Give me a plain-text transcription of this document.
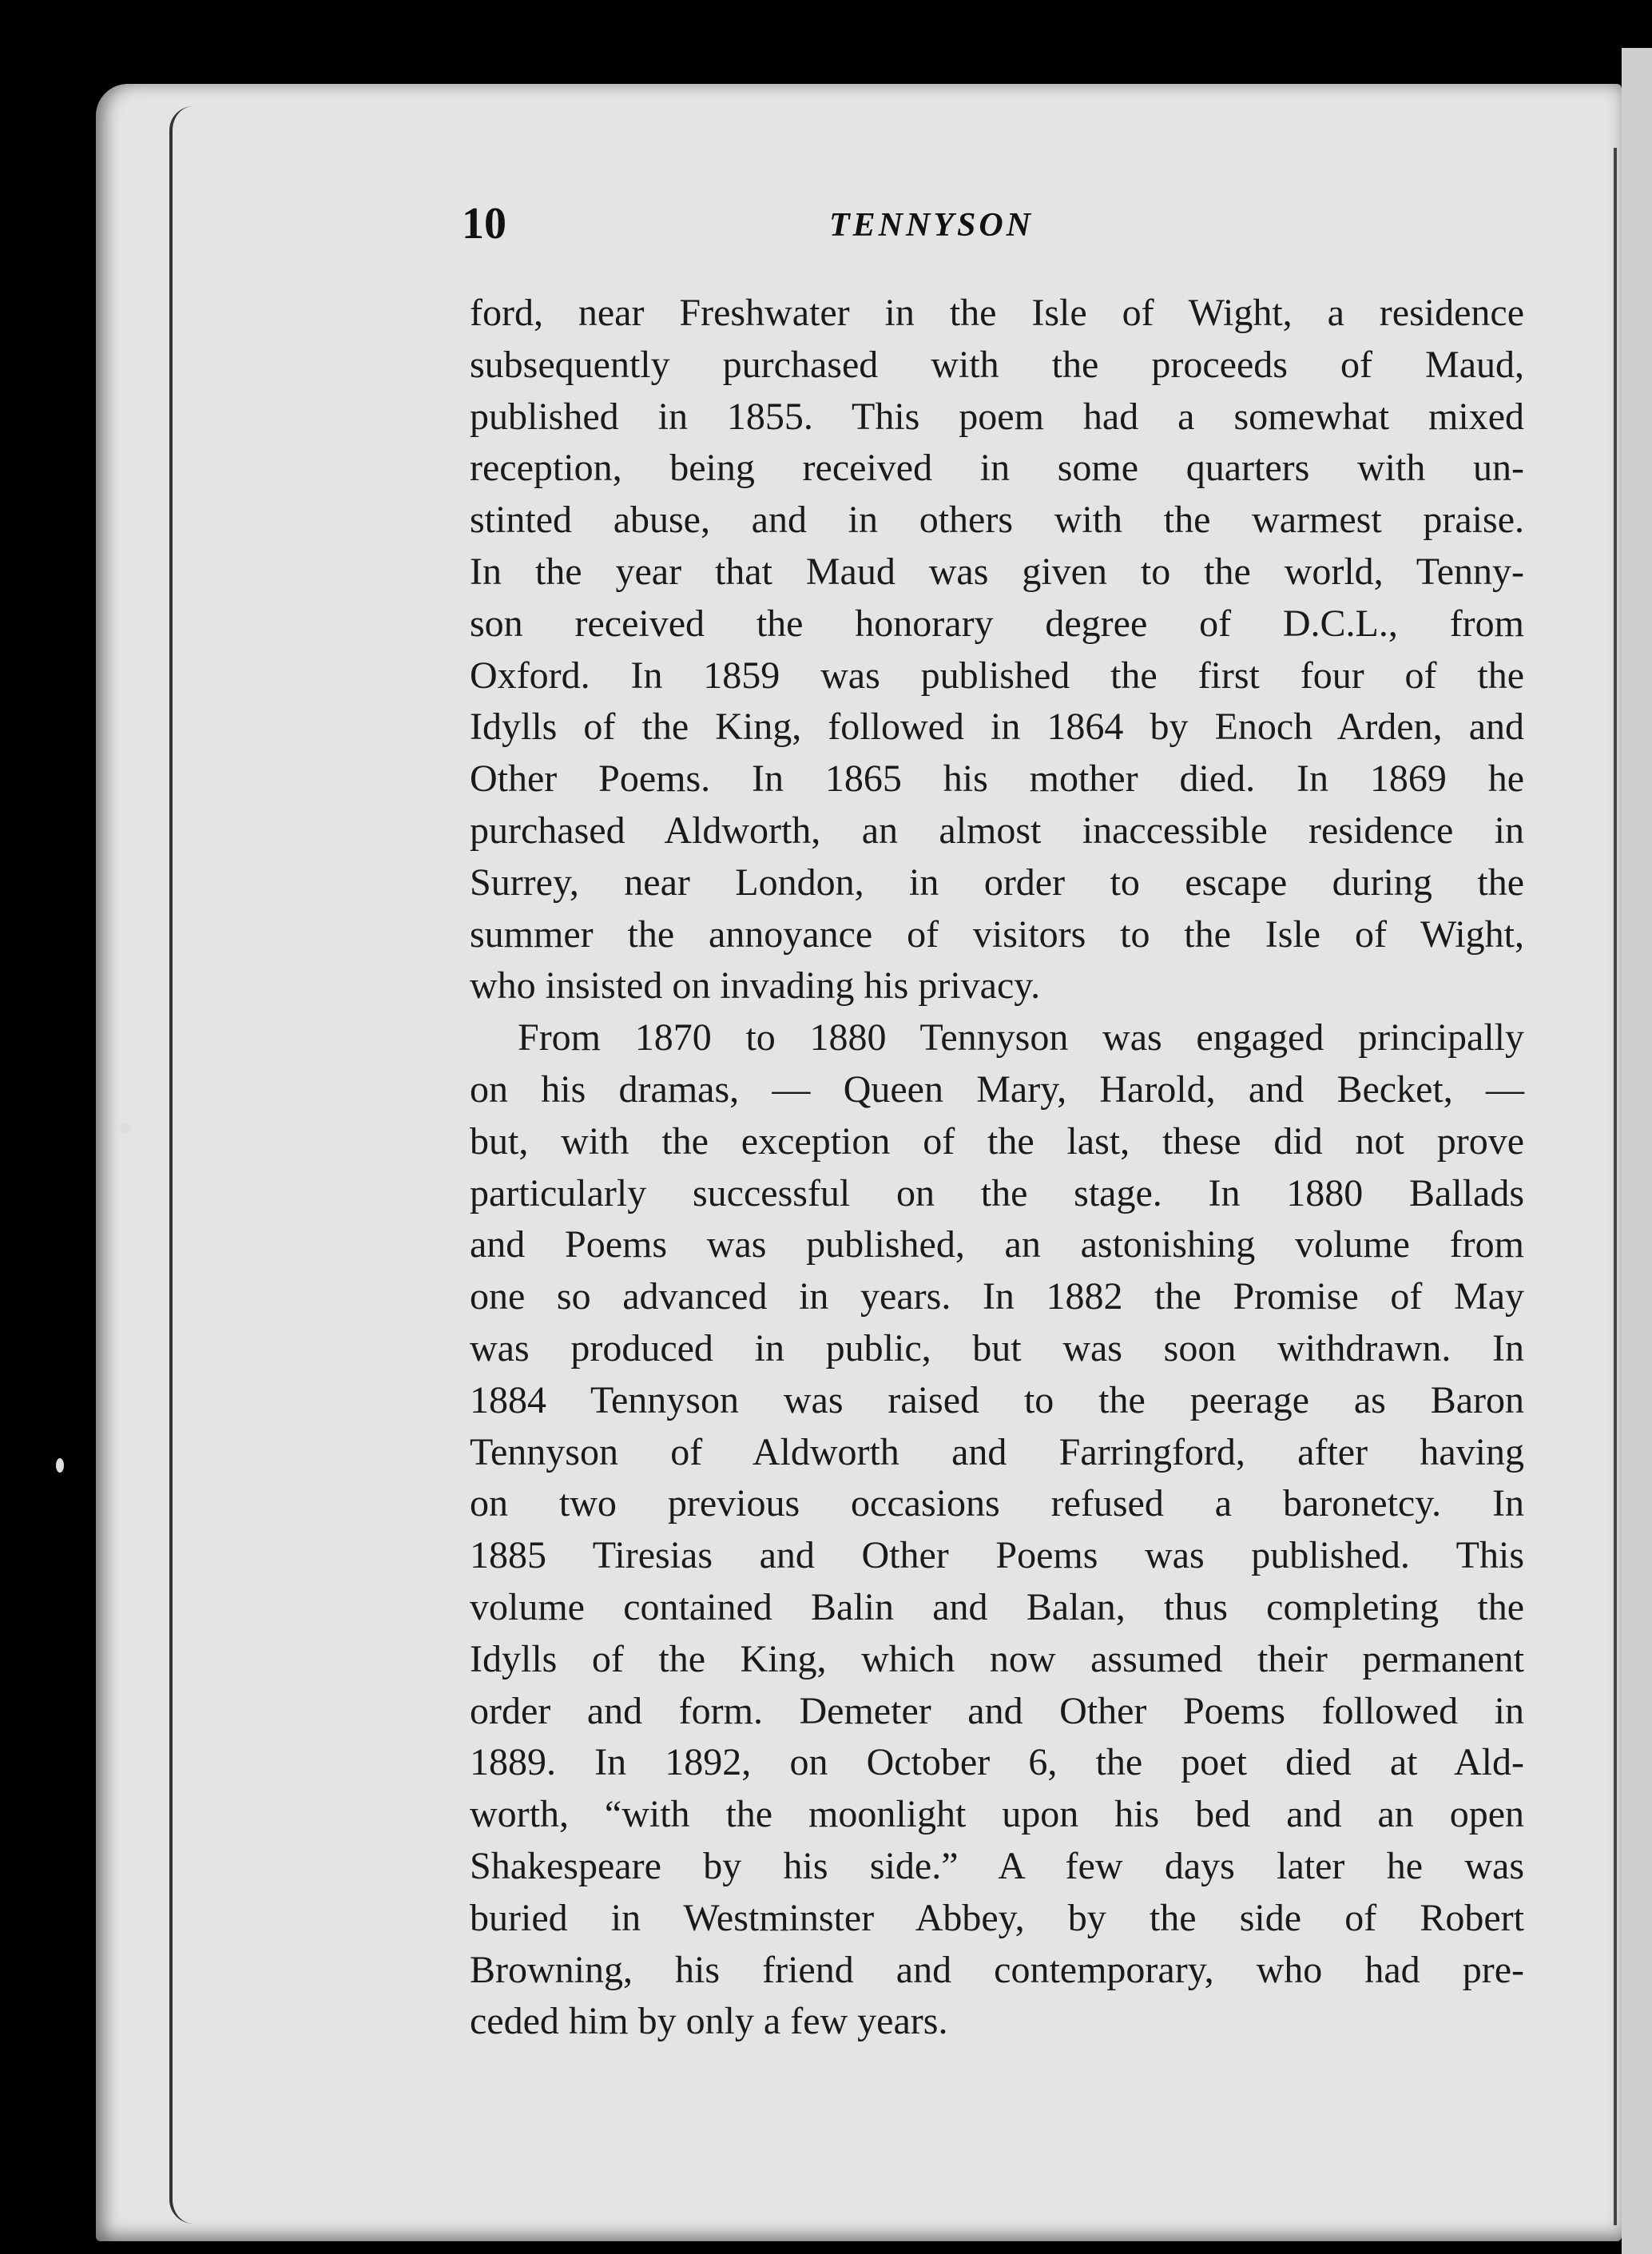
10	TENNYSON
ford, near Freshwater in the Isle of Wight, a residence
subsequently purchased with the proceeds of Maud,
published in 1855. This poem had a somewhat mixed
reception, being received in some quarters with un-
stinted abuse, and in others with the warmest praise.
In the year that Maud was given to the world, Tenny-
son received the honorary degree of D.C.L., from
Oxford. In 1859 was published the first four of the
Idylls of the King, followed in 1864 by Enoch Arden, and
Other Poems. In 1865 his mother died. In 1869 he
purchased Aldworth, an almost inaccessible residence in
Surrey, near London, in order to escape during the
summer the annoyance of visitors to the Isle of Wight,
who insisted on invading his privacy.
From 1870 to 1880 Tennyson was engaged principally
on his dramas, — Queen Mary, Harold, and Becket, —
but, with the exception of the last, these did not prove
particularly successful on the stage. In 1880 Ballads
and Poems was published, an astonishing volume from
one so advanced in years. In 1882 the Promise of May
was produced in public, but was soon withdrawn. In
1884 Tennyson was raised to the peerage as Baron
Tennyson of Aldworth and Farringford, after having
on two previous occasions refused a baronetcy. In
1885 Tiresias and Other Poems was published. This
volume contained Balin and Balan, thus completing the
Idylls of the King, which now assumed their permanent
order and form. Demeter and Other Poems followed in
1889. In 1892, on October 6, the poet died at Ald-
worth, “with the moonlight upon his bed and an open
Shakespeare by his side.” A few days later he was
buried in Westminster Abbey, by the side of Robert
Browning, his friend and contemporary, who had pre-
ceded him by only a few years.
